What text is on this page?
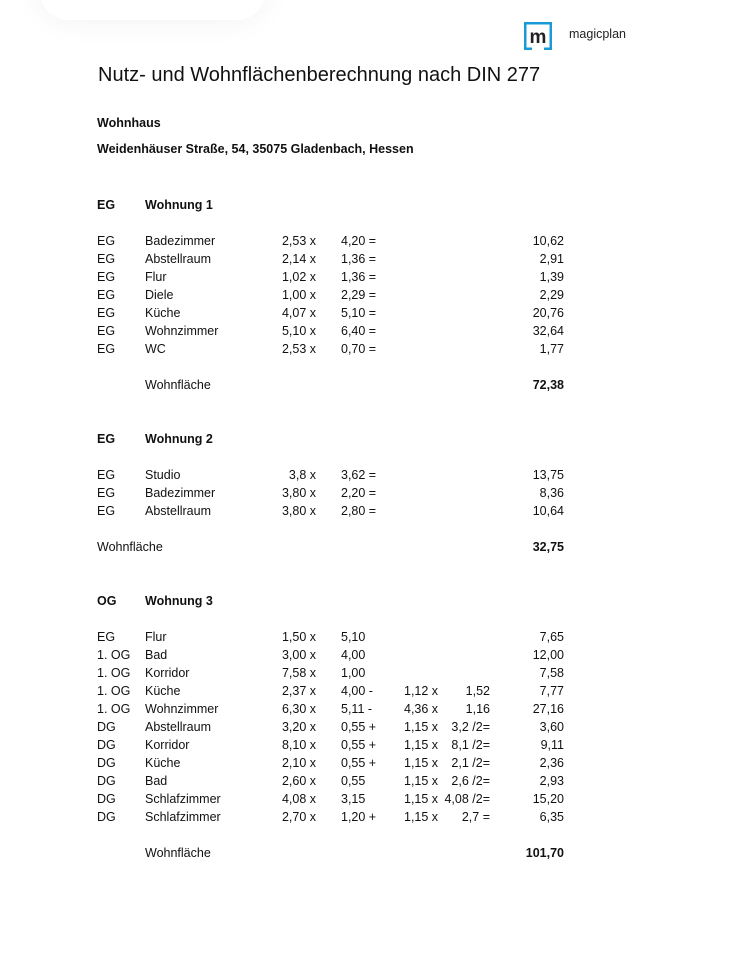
m magicplan
Nutz- und Wohnflächenberechnung nach DIN 277
Wohnhaus
Weidenhäuser Straße, 54, 35075 Gladenbach, Hessen
EG Wohnung 1
EG Badezimmer	2,53 x 4,20 =	10,62
EG Abstellraum	2,14 x 1,36 =	2,91
EG Flur	1,02 x 1,36 =	1,39
EG Diele	1,00 x 2,29 =	2,29
EG Küche	4,07 x 5,10 =	20,76
EG Wohnzimmer	5,10 x 6,40 =	32,64
EG WC	2,53 x 0,70 =	1,77
Wohnfläche	72,38
EG Wohnung 2
EG Studio	3,8 x 3,62 =	13,75
EG Badezimmer	3,80 x 2,20 =	8,36
EG Abstellraum	3,80 x 2,80 =	10,64
Wohnfläche	32,75
OG Wohnung 3
EG Flur	1,50 x 5,10	7,65
1. OG Bad	3,00 x 4,00	12,00
1. OG Korridor	7,58 x 1,00	7,58
1. OG Küche	2,37 x 4,00 - 1,12 x	1,52	7,77
1. OG Wohnzimmer	6,30 x 5,11 -	4,36 x	1,16	27,16
DG Abstellraum	3,20 x 0,55 + 1,15 x	3,2 /2=	3,60
DG Korridor	8,10 x 0,55 + 1,15 x	8,1 /2=	9,11
DG Küche	2,10 x 0,55 + 1,15 x	2,1 /2=	2,36
DG Bad	2,60 x 0,55	1,15 x	2,6 /2=	2,93
DG Schlafzimmer	4,08 x 3,15	1,15 x 4,08 /2=	15,20
DG Schlafzimmer	2,70 x 1,20 + 1,15 x	2,7 =	6,35
Wohnfläche	101,70
